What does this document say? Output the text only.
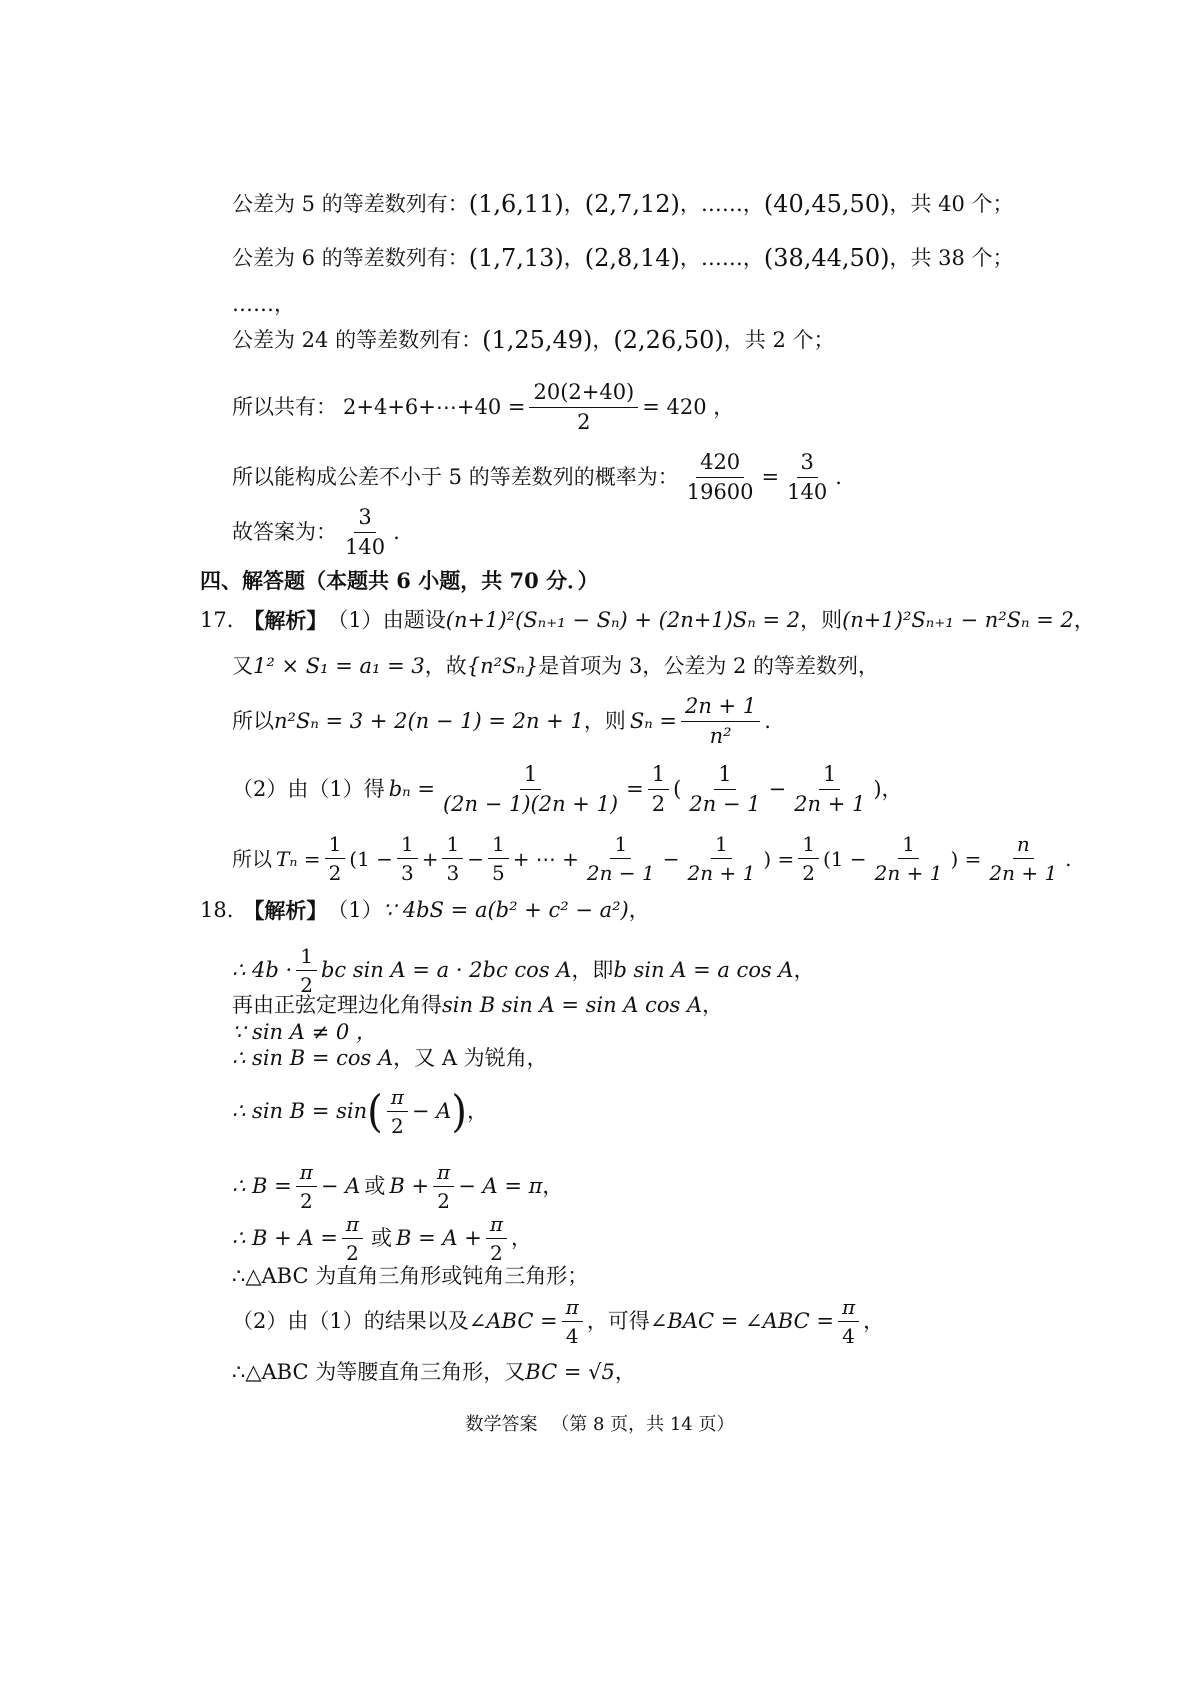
公差为 5 的等差数列有： (1,6,11) ， (2,7,12) ，……， (40,45,50) ，共 40 个；
公差为 6 的等差数列有： (1,7,13) ， (2,8,14) ，……， (38,44,50) ，共 38 个；
……，
公差为 24 的等差数列有： (1,25,49) ， (2,26,50) ，共 2 个；
所以共有： 2+4+6+⋯+40 = $\frac{20(2+40)}{2} = 420$ ，
所以能构成公差不小于 5 的等差数列的概率为： $\frac{420}{19600} = \frac{3}{140}$ .
故答案为： $\frac{3}{140}$ .
四、解答题（本题共 6 小题，共 70 分．）
17. 【解析】 （1）由题设 (n+1)²(Sₙ₊₁ − Sₙ) + (2n+1)Sₙ = 2 ，则 (n+1)²Sₙ₊₁ − n²Sₙ = 2 ，
又 1² × S₁ = a₁ = 3 ，故 {n²Sₙ} 是首项为 3，公差为 2 的等差数列，
所以 n²Sₙ = 3 + 2(n − 1) = 2n + 1 ，则 $S_n = \frac{2n + 1}{\text{n²}}$ .
（2）由（1）得 $b_n = \frac{1}{(2n - 1)(2n + 1)} = \frac{1}{2}$ ( $\frac{1}{2n - 1} - \frac{1}{2n + 1}$ )，
所以 $T_n = \frac{1}{2} (1 - \frac{1}{3} + \frac{1}{3} - \frac{1}{5}$ + ⋯ + $\frac{1}{2n - 1} - \frac{1}{2n + 1}$ ) = $\frac{1}{2} (1 - \frac{1}{2n + 1}$ ) = $\frac{n}{2n + 1}$ .
18. 【解析】 （1） ∵ 4bS = a(b² + c² − a²) ，
∴ $4b \cdot \frac{1}{2}$ bc sin A = a · 2bc cos A ，即 b sin A = a cos A ，
再由正弦定理边化角得 sin B sin A = sin A cos A ，
∵ sin A ≠ 0 ，
∴ sin B = cos A ，又 A 为锐角，
∴ sin B = sin ( $\frac{\pi}{2} - A$ ) ，
∴ $B = \frac{\pi}{2} - A$ 或 $B + \frac{\pi}{2} - A = \pi$ ，
∴ $B + A = \frac{\pi}{2}$ 或 $B = A + \frac{\pi}{2}$ ，
∴△ABC 为直角三角形或钝角三角形；
（2）由（1）的结果以及 ∠ABC = $\frac{\pi}{4}$ ，可得 ∠BAC = ∠ABC = $\frac{\pi}{4}$ ，
∴△ABC 为等腰直角三角形，又 BC = √5 ，
数学答案 （第 8 页，共 14 页）
